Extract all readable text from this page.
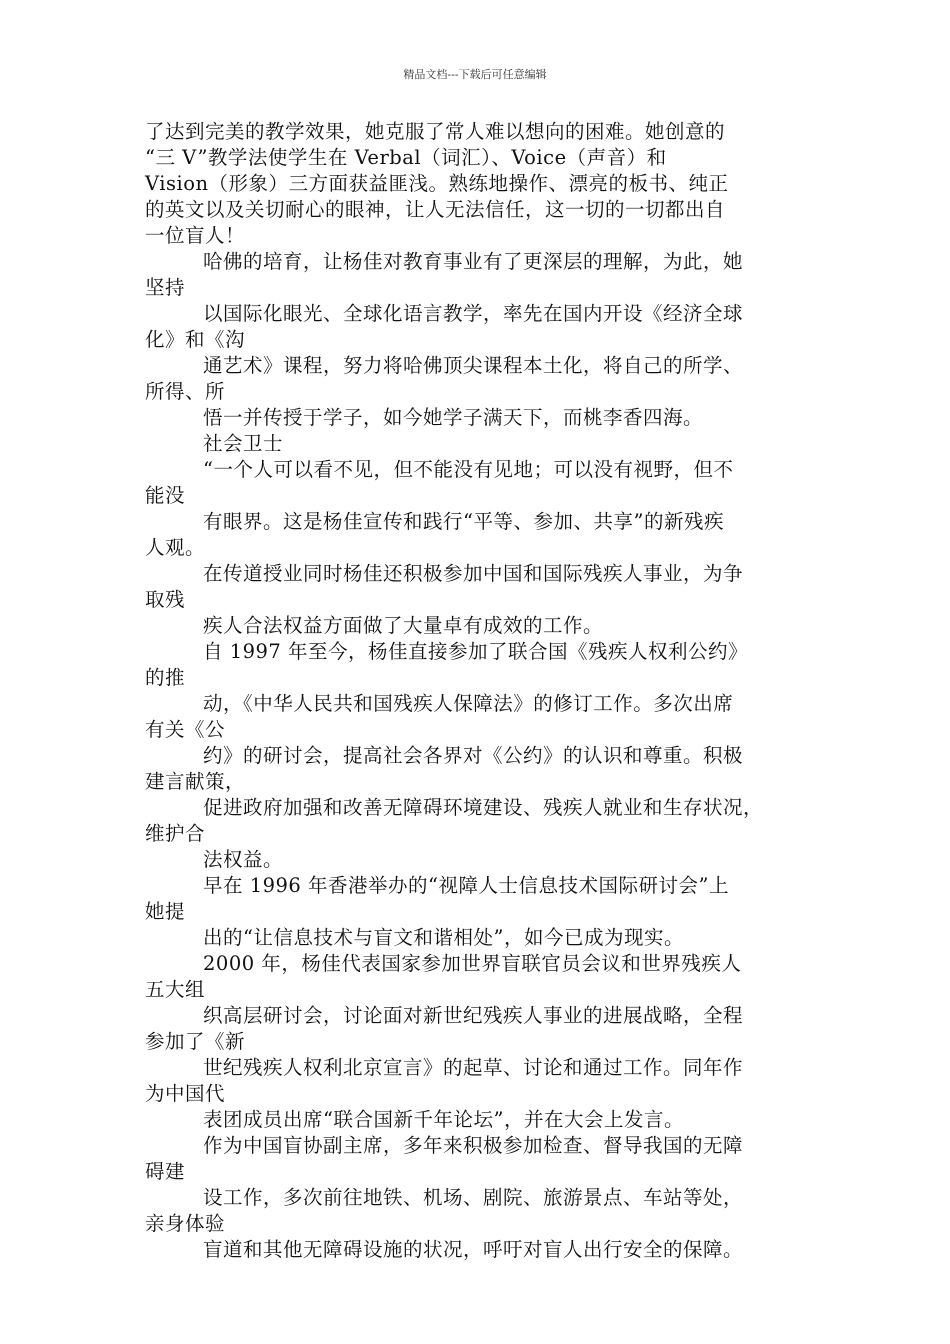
精品文档---下载后可任意编辑
了达到完美的教学效果，她克服了常人难以想向的困难。她创意的
“三 V”教学法使学生在 Verbal（词汇）、Voice（声音）和
Vision（形象）三方面获益匪浅。熟练地操作、漂亮的板书、纯正
的英文以及关切耐心的眼神，让人无法信任，这一切的一切都出自
一位盲人！
哈佛的培育，让杨佳对教育事业有了更深层的理解，为此，她
坚持
以国际化眼光、全球化语言教学，率先在国内开设《经济全球
化》和《沟
通艺术》课程，努力将哈佛顶尖课程本土化，将自己的所学、
所得、所
悟一并传授于学子，如今她学子满天下，而桃李香四海。
社会卫士
“一个人可以看不见，但不能没有见地；可以没有视野，但不
能没
有眼界。这是杨佳宣传和践行“平等、参加、共享”的新残疾
人观。
在传道授业同时杨佳还积极参加中国和国际残疾人事业，为争
取残
疾人合法权益方面做了大量卓有成效的工作。
自 1997 年至今，杨佳直接参加了联合国《残疾人权利公约》
的推
动，《中华人民共和国残疾人保障法》的修订工作。多次出席
有关《公
约》的研讨会，提高社会各界对《公约》的认识和尊重。积极
建言献策，
促进政府加强和改善无障碍环境建设、残疾人就业和生存状况，
维护合
法权益。
早在 1996 年香港举办的“视障人士信息技术国际研讨会”上
她提
出的“让信息技术与盲文和谐相处”，如今已成为现实。
2000 年，杨佳代表国家参加世界盲联官员会议和世界残疾人
五大组
织高层研讨会，讨论面对新世纪残疾人事业的进展战略，全程
参加了《新
世纪残疾人权利北京宣言》的起草、讨论和通过工作。同年作
为中国代
表团成员出席“联合国新千年论坛”，并在大会上发言。
作为中国盲协副主席，多年来积极参加检查、督导我国的无障
碍建
设工作，多次前往地铁、机场、剧院、旅游景点、车站等处，
亲身体验
盲道和其他无障碍设施的状况，呼吁对盲人出行安全的保障。
